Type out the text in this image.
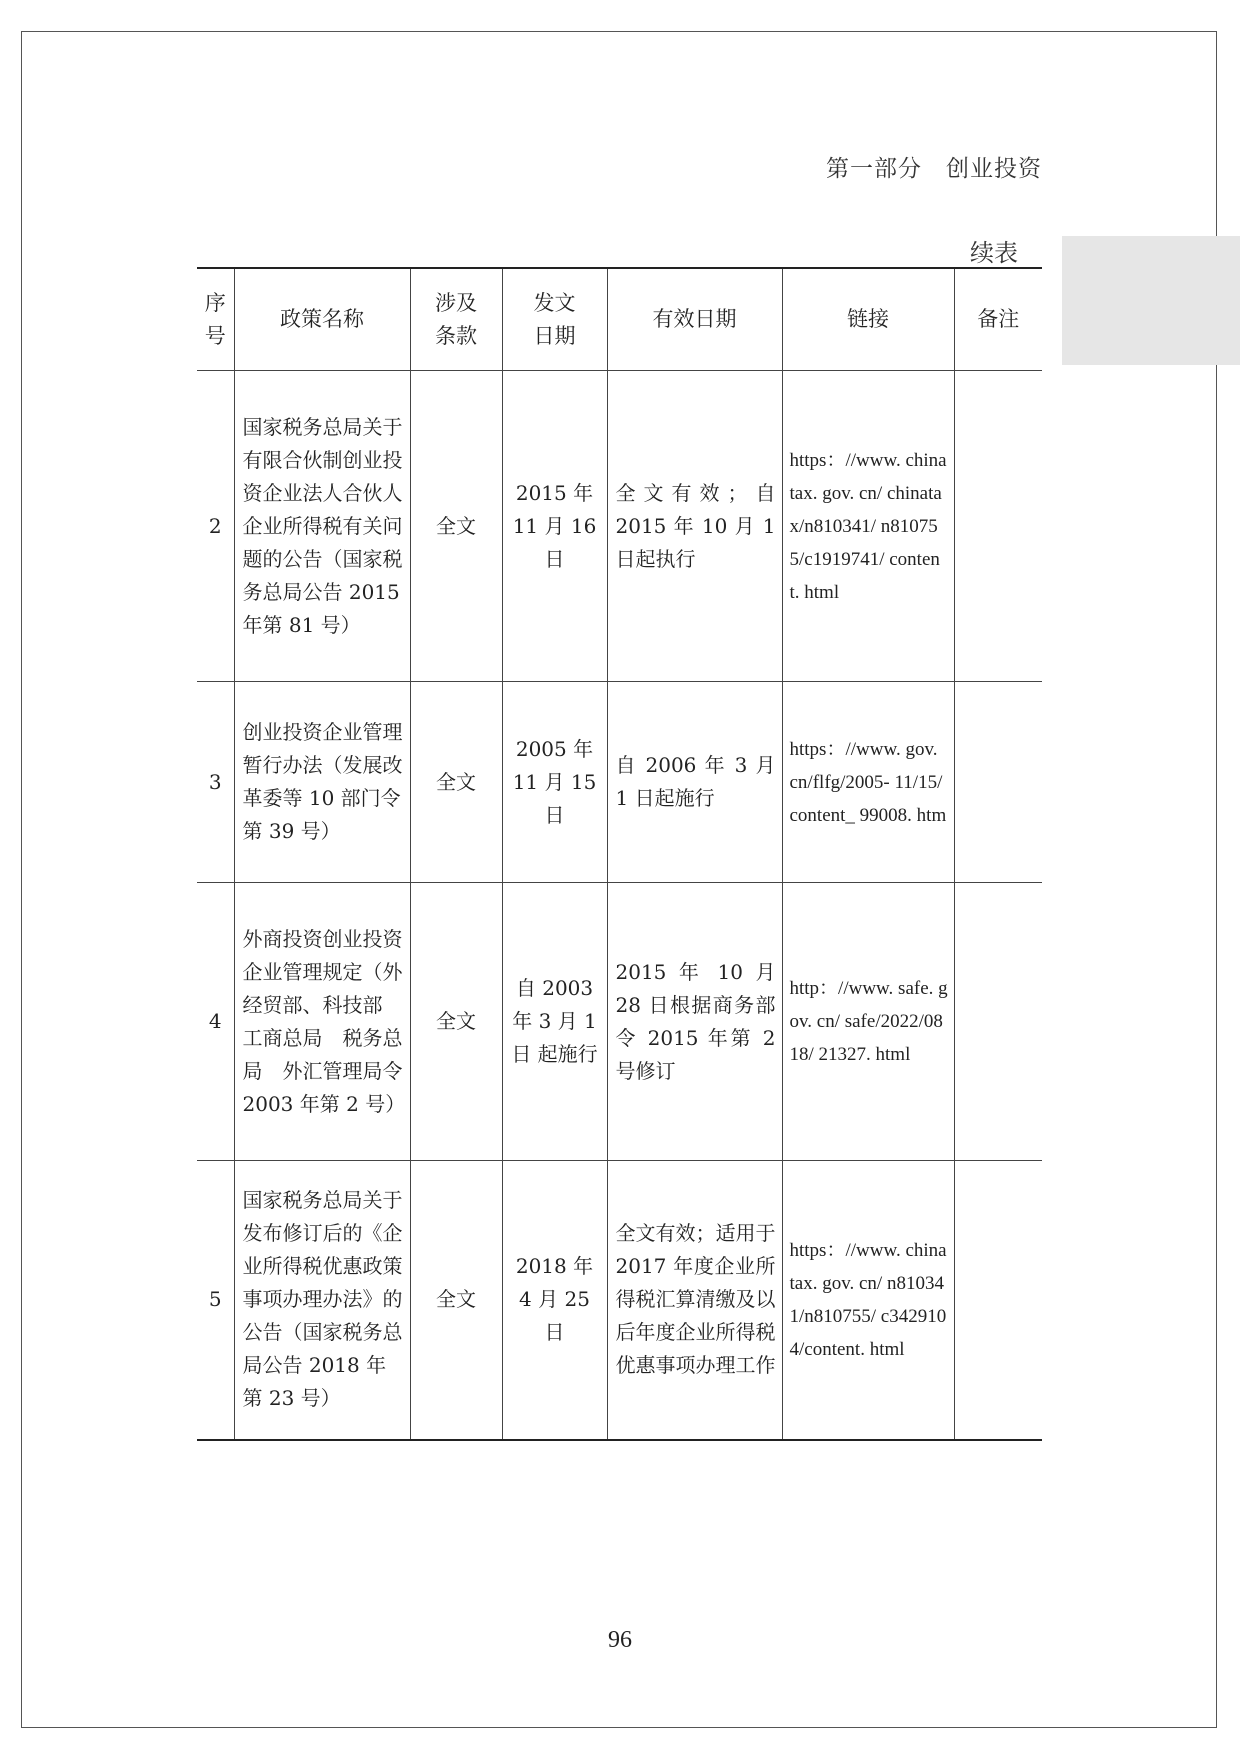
第一部分　创业投资
续表
序号	政策名称	涉及条款	发文日期	有效日期	链接	备注
2	国家税务总局关于有限合伙制创业投资企业法人合伙人企业所得税有关问题的公告（国家税务总局公告 2015 年第 81 号）	全文	2015 年 11 月 16 日	全文有效；自 2015 年 10 月 1 日起执行	https：//www. chinatax. gov. cn/ chinatax/n810341/ n810755/c1919741/ content. html	
3	创业投资企业管理暂行办法（发展改革委等 10 部门令第 39 号）	全文	2005 年 11 月 15 日	自 2006 年 3 月 1 日起施行	https：//www. gov. cn/flfg/2005- 11/15/content_ 99008. htm	
4	外商投资创业投资企业管理规定（外经贸部、科技部　工商总局　税务总局　外汇管理局令 2003 年第 2 号）	全文	自 2003 年 3 月 1 日 起施行	2015 年 10 月 28 日根据商务部令 2015 年第 2 号修订	http：//www. safe. gov. cn/ safe/2022/0818/ 21327. html	
5	国家税务总局关于发布修订后的《企业所得税优惠政策事项办理办法》的公告（国家税务总局公告 2018 年第 23 号）	全文	2018 年 4 月 25 日	全文有效；适用于 2017 年度企业所得税汇算清缴及以后年度企业所得税优惠事项办理工作	https：//www. chinatax. gov. cn/ n810341/n810755/ c3429104/content. html	
96
